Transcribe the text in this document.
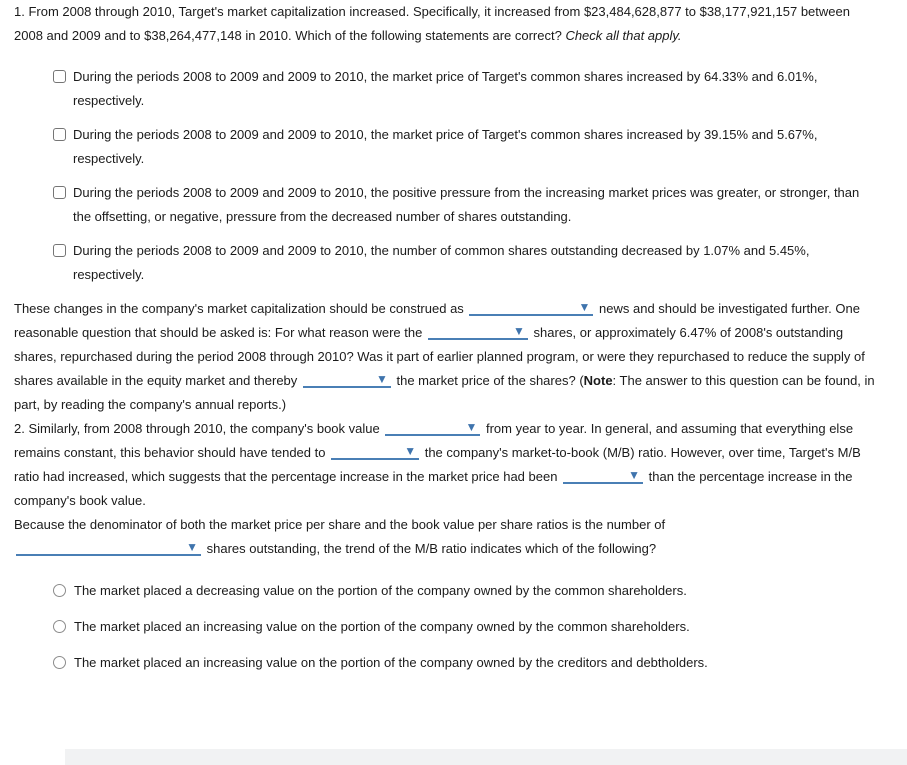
1. From 2008 through 2010, Target's market capitalization increased. Specifically, it increased from $23,484,628,877 to $38,177,921,157 between
2008 and 2009 and to $38,264,477,148 in 2010. Which of the following statements are correct? Check all that apply.

During the periods 2008 to 2009 and 2009 to 2010, the market price of Target's common shares increased by 64.33% and 6.01%,
respectively.
During the periods 2008 to 2009 and 2009 to 2010, the market price of Target's common shares increased by 39.15% and 5.67%,
respectively.
During the periods 2008 to 2009 and 2009 to 2010, the positive pressure from the increasing market prices was greater, or stronger, than
the offsetting, or negative, pressure from the decreased number of shares outstanding.
During the periods 2008 to 2009 and 2009 to 2010, the number of common shares outstanding decreased by 1.07% and 5.45%,
respectively.

These changes in the company's market capitalization should be construed as	▼ news and should be investigated further. One
reasonable question that should be asked is: For what reason were the	▼ shares, or approximately 6.47% of 2008's outstanding
shares, repurchased during the period 2008 through 2010? Was it part of earlier planned program, or were they repurchased to reduce the supply of
shares available in the equity market and thereby	▼ the market price of the shares? (Note: The answer to this question can be found, in
part, by reading the company's annual reports.)

2. Similarly, from 2008 through 2010, the company's book value	▼ from year to year. In general, and assuming that everything else
remains constant, this behavior should have tended to	▼ the company's market-to-book (M/B) ratio. However, over time, Target's M/B
ratio had increased, which suggests that the percentage increase in the market price had been	▼ than the percentage increase in the
company's book value.

Because the denominator of both the market price per share and the book value per share ratios is the number of

▼ shares outstanding, the trend of the M/B ratio indicates which of the following?

The market placed a decreasing value on the portion of the company owned by the common shareholders.
The market placed an increasing value on the portion of the company owned by the common shareholders.
The market placed an increasing value on the portion of the company owned by the creditors and debtholders.
